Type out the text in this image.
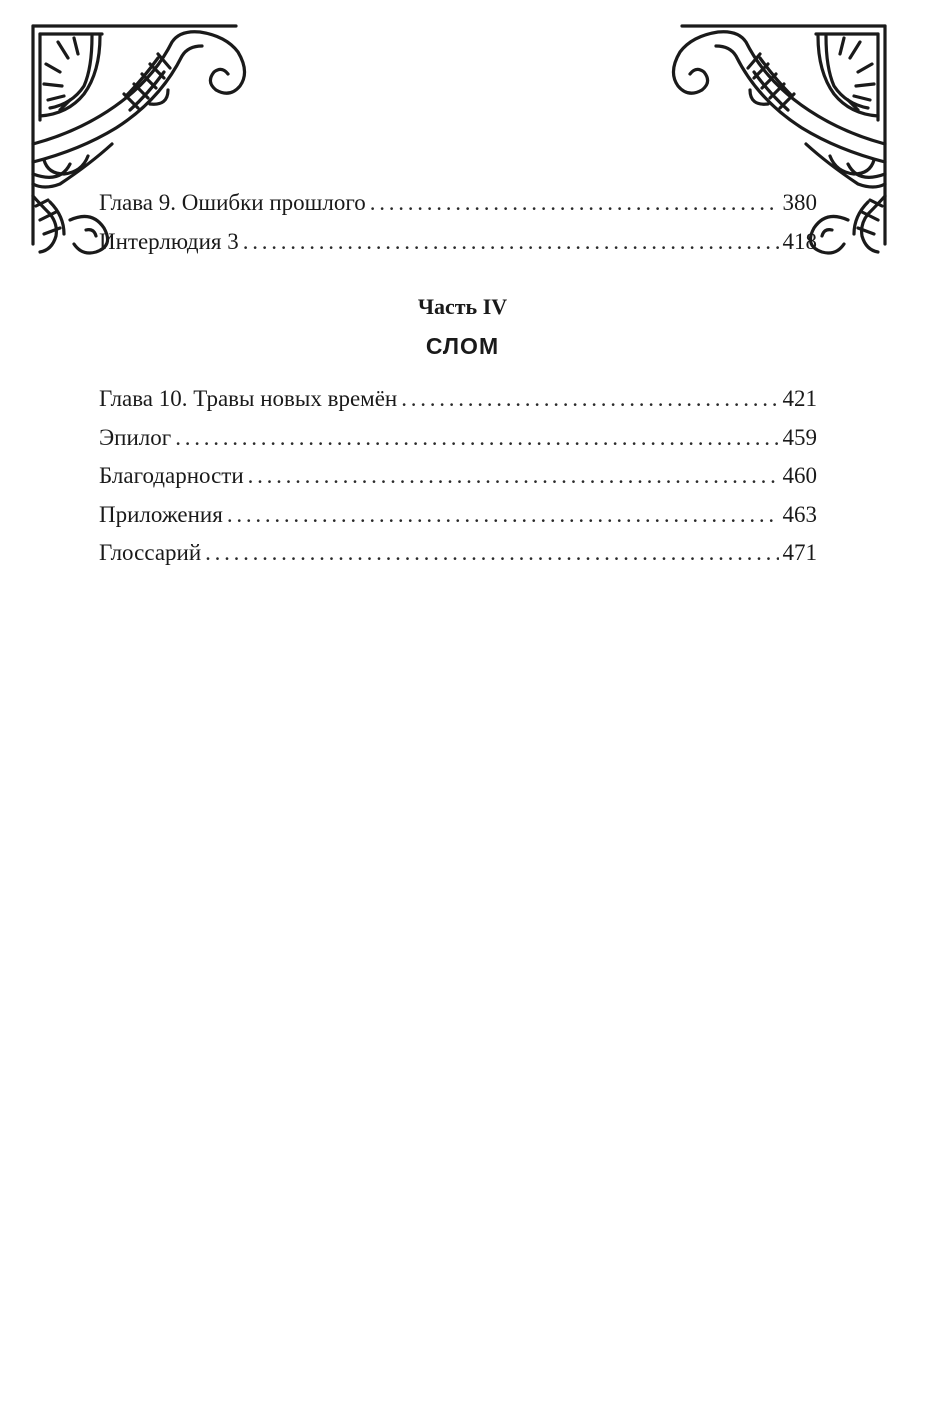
Глава 9. Ошибки прошлого . . .	380
Интерлюдия 3 . . .	418
Часть IV
СЛОМ
Глава 10. Травы новых времён . . .	421
Эпилог . . .	459
Благодарности . . .	460
Приложения . . .	463
Глоссарий . . .	471
